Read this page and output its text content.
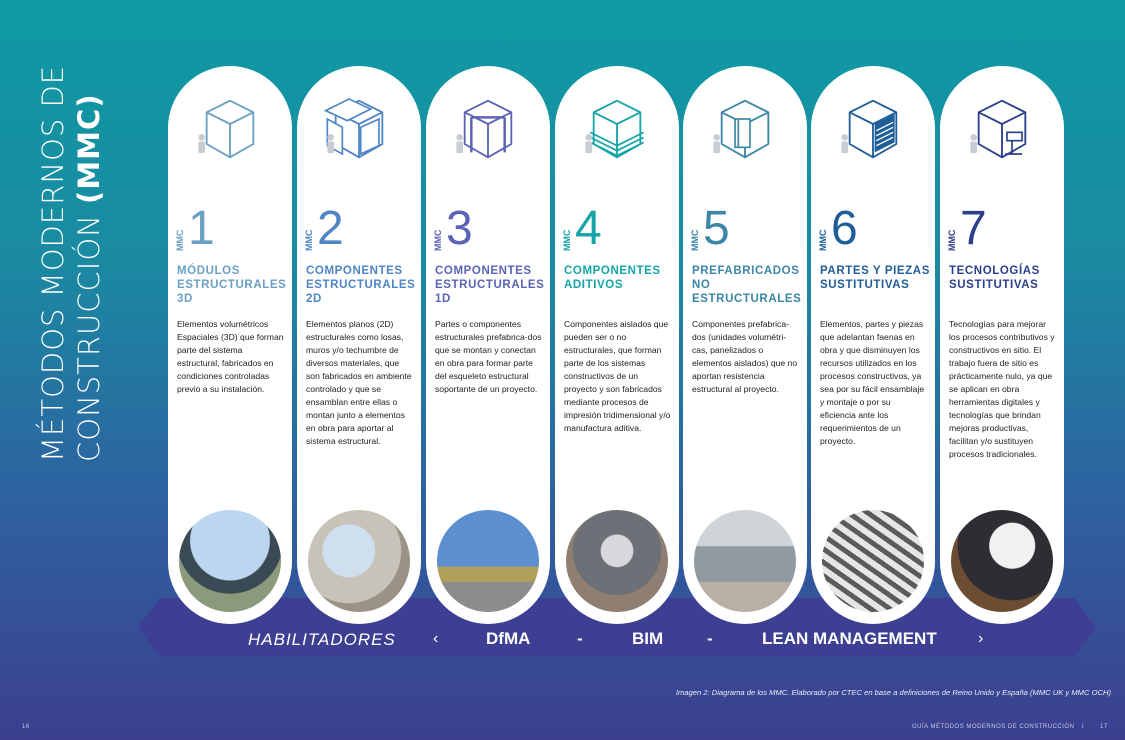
MÉTODOS MODERNOS DE CONSTRUCCIÓN (MMC)
MMC 1
MÓDULOS ESTRUCTURALES 3D
Elementos volumétricos Espaciales (3D) que forman parte del sistema estructural, fabricados en condiciones controladas previo a su instalación.
MMC 2
COMPONENTES ESTRUCTURALES 2D
Elementos planos (2D) estructurales como losas, muros y/o techumbre de diversos materiales, que son fabricados en ambiente controlado y que se ensamblan entre ellas o montan junto a elementos en obra para aportar al sistema estructural.
MMC 3
COMPONENTES ESTRUCTURALES 1D
Partes o componentes estructurales prefabrica-dos que se montan y conectan en obra para formar parte del esqueleto estructural soportante de un proyecto.
MMC 4
COMPONENTES ADITIVOS
Componentes aislados que pueden ser o no estructurales, que forman parte de los sistemas constructivos de un proyecto y son fabricados mediante procesos de impresión tridimensional y/o manufactura aditiva.
MMC 5
PREFABRICADOS NO ESTRUCTURALES
Componentes prefabrica-dos (unidades volumétri-cas, panelizados o elementos aislados) que no aportan resistencia estructural al proyecto.
MMC 6
PARTES Y PIEZAS SUSTITUTIVAS
Elementos, partes y piezas que adelantan faenas en obra y que disminuyen los recursos utilizados en los procesos constructivos, ya sea por su fácil ensamblaje y montaje o por su eficiencia ante los requerimientos de un proyecto.
MMC 7
TECNOLOGÍAS SUSTITUTIVAS
Tecnologías para mejorar los procesos contributivos y constructivos en sitio. El trabajo fuera de sitio es prácticamente nulo, ya que se aplican en obra herramientas digitales y tecnologías que brindan mejoras productivas, facilitan y/o sustituyen procesos tradicionales.
HABILITADORES ‹	DfMA	-	BIM	-	LEAN MANAGEMENT	›
Imagen 2: Diagrama de los MMC. Elaborado por CTEC en base a definiciones de Reino Unido y España (MMC UK y MMC OCH)
16	GUÍA MÉTODOS MODERNOS DE CONSTRUCCIÓN I	17
